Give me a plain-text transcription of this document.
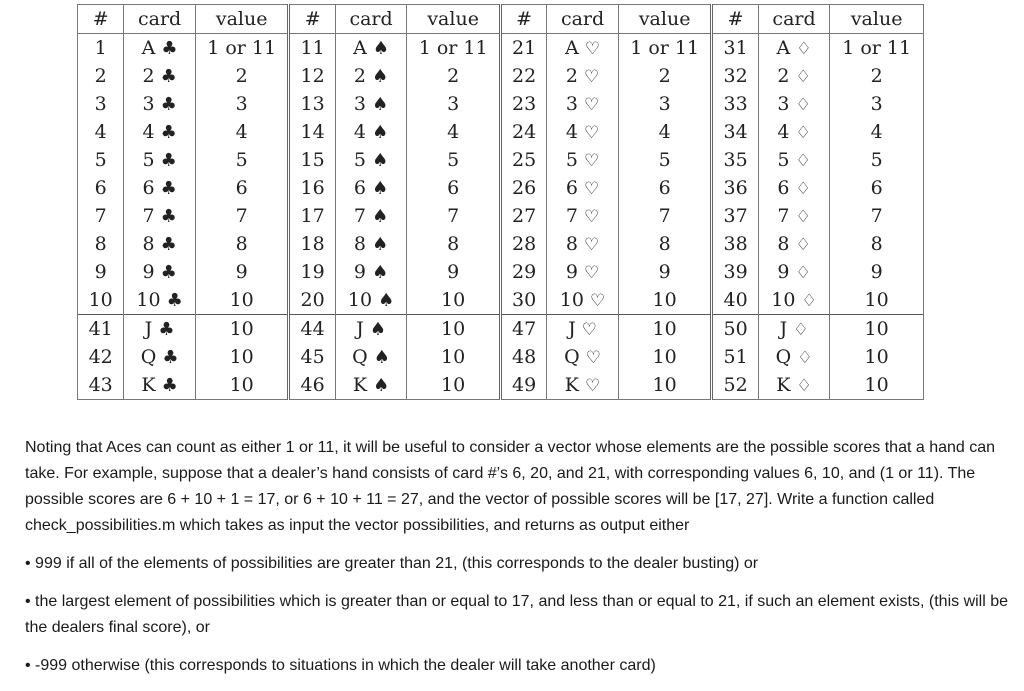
#	card	value	#	card	value	#	card	value	#	card	value
1	A ♣	1 or 11	11	A ♠	1 or 11	21	A ♡	1 or 11	31	A ♢	1 or 11
2	2 ♣	2	12	2 ♠	2	22	2 ♡	2	32	2 ♢	2
3	3 ♣	3	13	3 ♠	3	23	3 ♡	3	33	3 ♢	3
4	4 ♣	4	14	4 ♠	4	24	4 ♡	4	34	4 ♢	4
5	5 ♣	5	15	5 ♠	5	25	5 ♡	5	35	5 ♢	5
6	6 ♣	6	16	6 ♠	6	26	6 ♡	6	36	6 ♢	6
7	7 ♣	7	17	7 ♠	7	27	7 ♡	7	37	7 ♢	7
8	8 ♣	8	18	8 ♠	8	28	8 ♡	8	38	8 ♢	8
9	9 ♣	9	19	9 ♠	9	29	9 ♡	9	39	9 ♢	9
10	10 ♣	10	20	10 ♠	10	30	10 ♡	10	40	10 ♢	10
41	J ♣	10	44	J ♠	10	47	J ♡	10	50	J ♢	10
42	Q ♣	10	45	Q ♠	10	48	Q ♡	10	51	Q ♢	10
43	K ♣	10	46	K ♠	10	49	K ♡	10	52	K ♢	10

Noting that Aces can count as either 1 or 11, it will be useful to consider a vector whose elements are the possible scores that a hand can take. For example, suppose that a dealer’s hand consists of card #’s 6, 20, and 21, with corresponding values 6, 10, and (1 or 11). The possible scores are 6 + 10 + 1 = 17, or 6 + 10 + 11 = 27, and the vector of possible scores will be [17, 27]. Write a function called check_possibilities.m which takes as input the vector possibilities, and returns as output either

• 999 if all of the elements of possibilities are greater than 21, (this corresponds to the dealer busting) or

• the largest element of possibilities which is greater than or equal to 17, and less than or equal to 21, if such an element exists, (this will be the dealers final score), or

• -999 otherwise (this corresponds to situations in which the dealer will take another card)
